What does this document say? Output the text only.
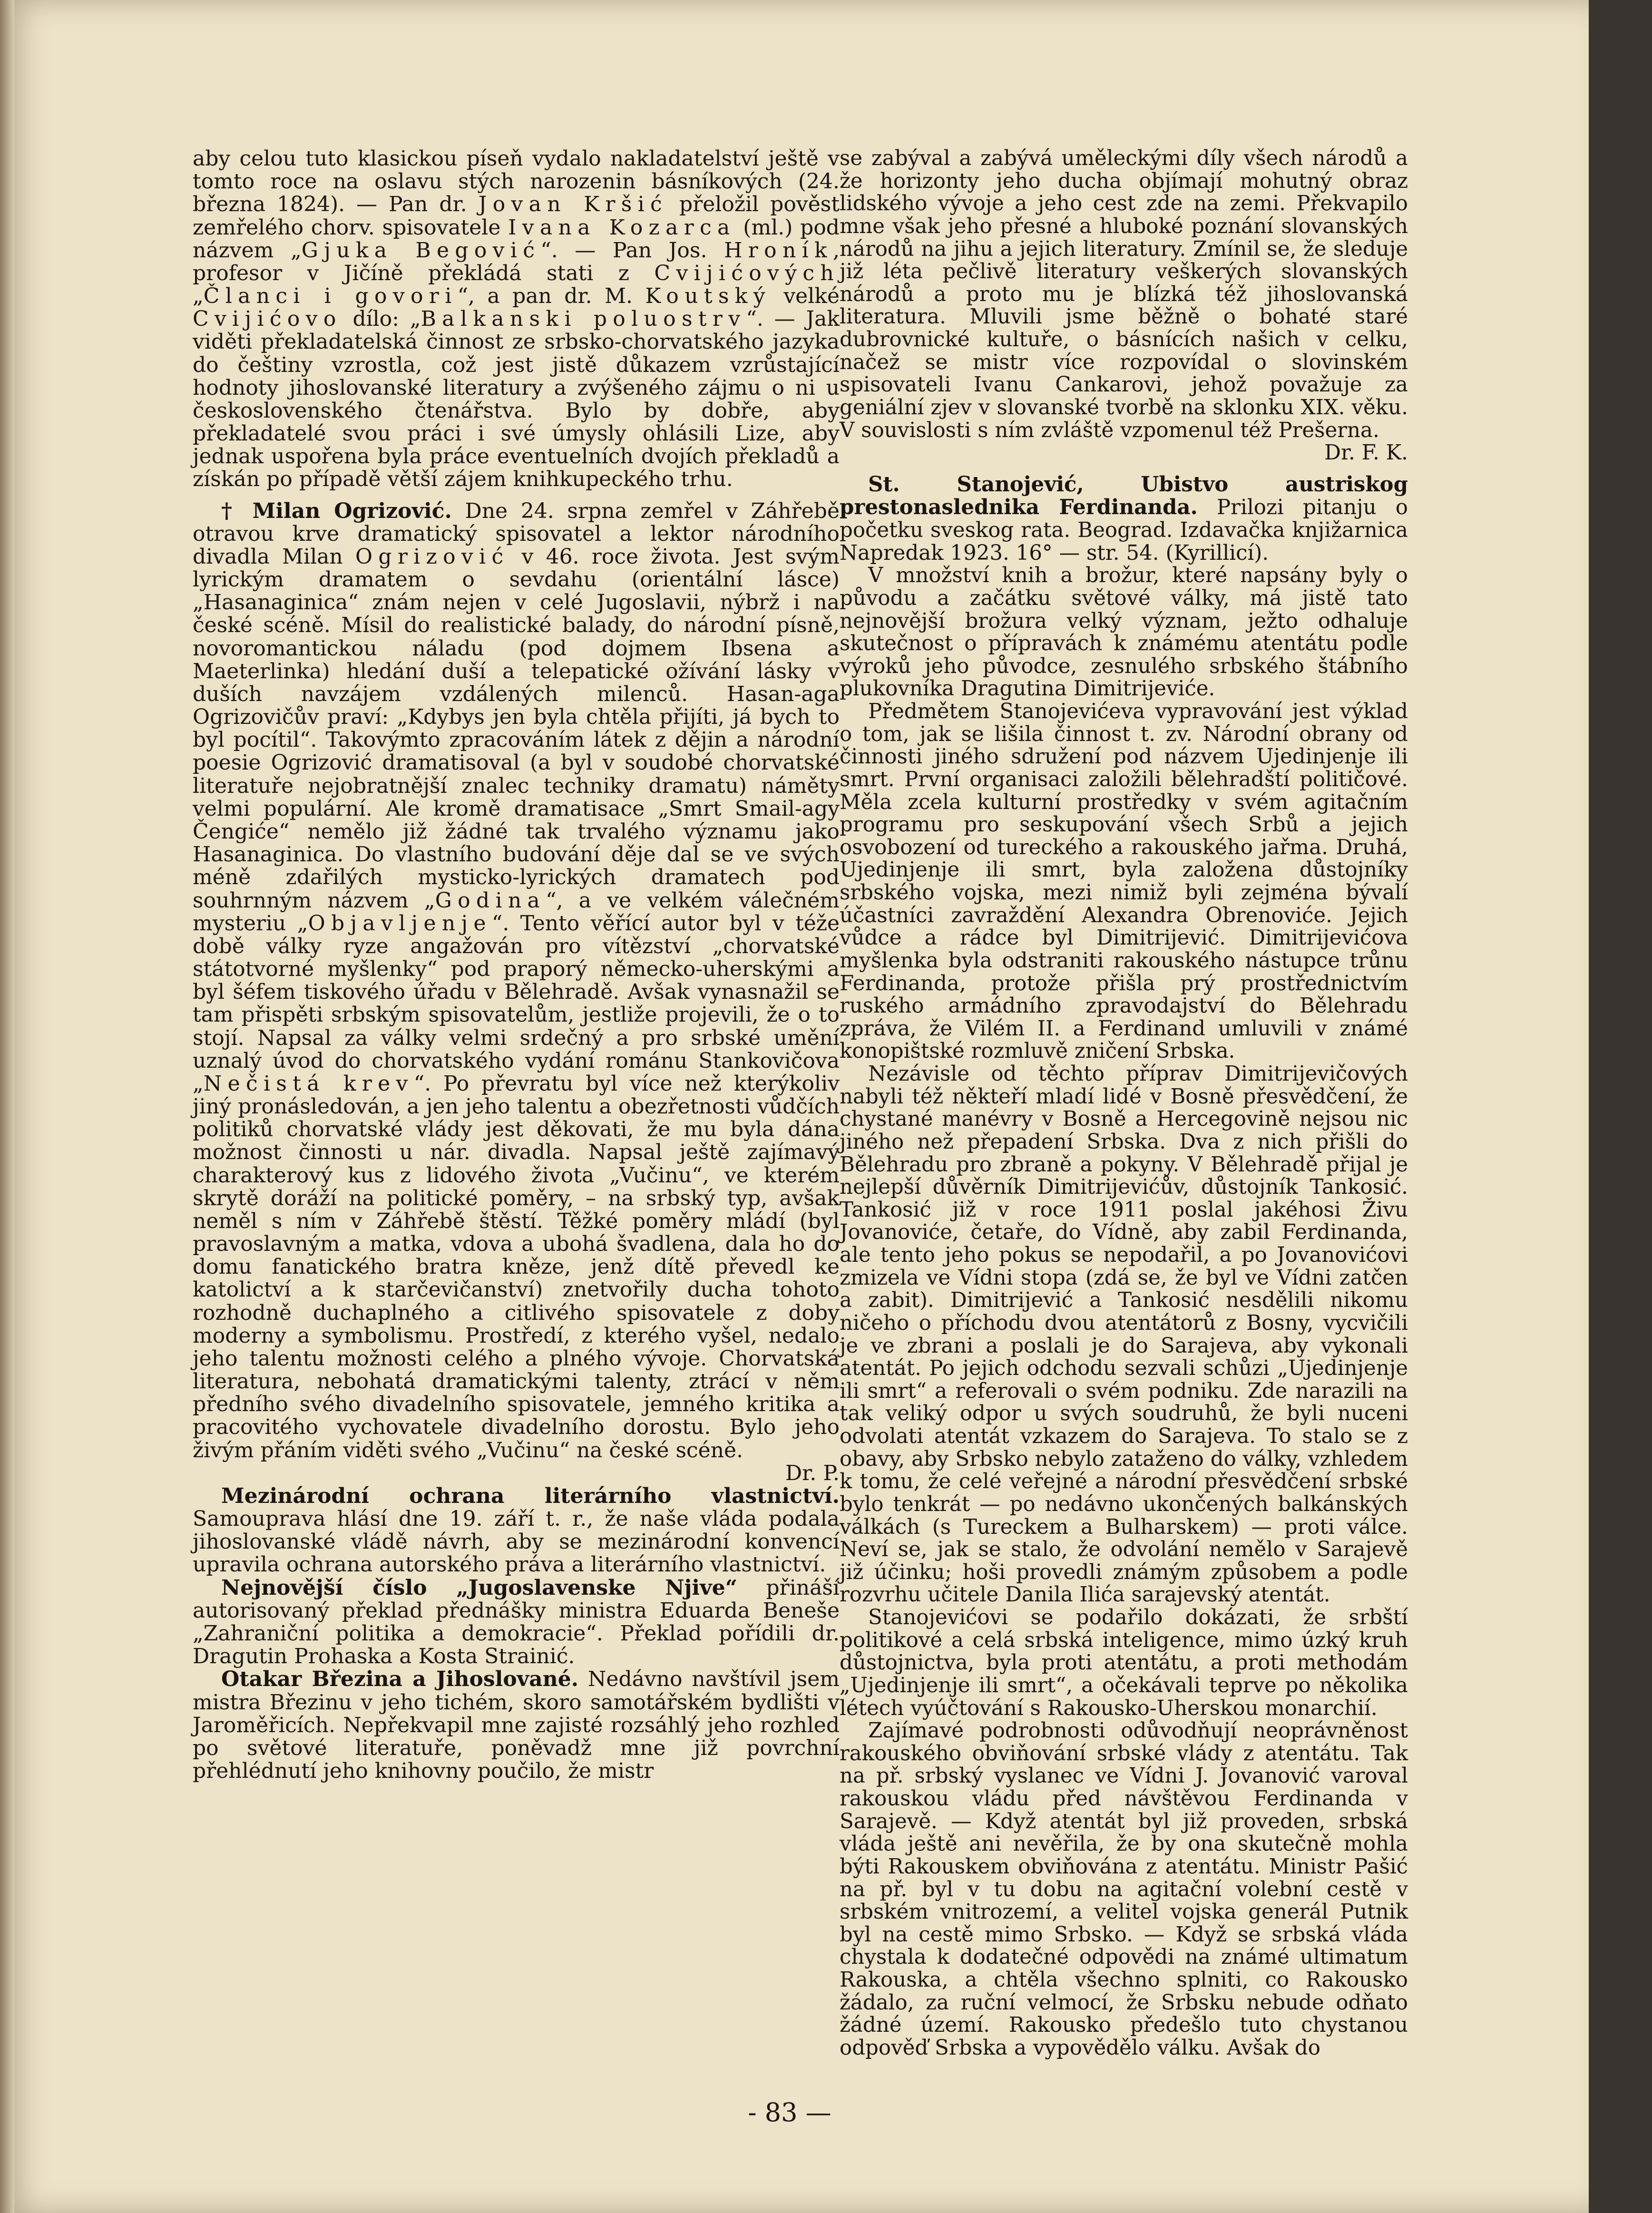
aby celou tuto klasickou píseň vydalo nakladatelství ještě v tomto roce na oslavu stých narozenin básníkových (24. března 1824). — Pan dr. Jovan Kršić přeložil pověst zemřelého chorv. spisovatele Ivana Kozarca (ml.) pod názvem „Gjuka Begović“. — Pan Jos. Hroník, profesor v Jičíně překládá stati z Cvijićových „Članci i govori“, a pan dr. M. Koutský velké Cvijićovo dílo: „Balkanski poluostrv“. — Jak viděti překladatelská činnost ze srbsko-chorvatského jazyka do češtiny vzrostla, což jest jistě důkazem vzrůstající hodnoty jihoslovanské literatury a zvýšeného zájmu o ni u československého čtenářstva. Bylo by dobře, aby překladatelé svou práci i své úmysly ohlásili Lize, aby jednak uspořena byla práce eventuelních dvojích překladů a získán po případě větší zájem knihkupeckého trhu.

† Milan Ogrizović. Dne 24. srpna zemřel v Záhřebě otravou krve dramatický spisovatel a lektor národního divadla Milan Ogrizović v 46. roce života. Jest svým lyrickým dramatem o sevdahu (orientální lásce) „Hasanaginica“ znám nejen v celé Jugoslavii, nýbrž i na české scéně. Mísil do realistické balady, do národní písně, novoromantickou náladu (pod dojmem Ibsena a Maeterlinka) hledání duší a telepatické ožívání lásky v duších navzájem vzdálených milenců. Hasan-aga Ogrizovičův praví: „Kdybys jen byla chtěla přijíti, já bych to byl pocítil“. Takovýmto zpracováním látek z dějin a národní poesie Ogrizović dramatisoval (a byl v soudobé chorvatské literatuře nejobratnější znalec techniky dramatu) náměty velmi populární. Ale kromě dramatisace „Smrt Smail-agy Čengiće“ nemělo již žádné tak trvalého významu jako Hasanaginica. Do vlastního budování děje dal se ve svých méně zdařilých mysticko-lyrických dramatech pod souhrnným názvem „Godina“, a ve velkém válečném mysteriu „Objavljenje“. Tento věřící autor byl v téže době války ryze angažován pro vítězství „chorvatské státotvorné myšlenky“ pod praporý německo-uherskými a byl šéfem tiskového úřadu v Bělehradě. Avšak vynasnažil se tam přispěti srbským spisovatelům, jestliže projevili, že o to stojí. Napsal za války velmi srdečný a pro srbské umění uznalý úvod do chorvatského vydání románu Stankovičova „Nečistá krev“. Po převratu byl více než kterýkoliv jiný pronásledován, a jen jeho talentu a obezřetnosti vůdčích politiků chorvatské vlády jest děkovati, že mu byla dána možnost činnosti u nár. divadla. Napsal ještě zajímavý charakterový kus z lidového života „Vučinu“, ve kterém skrytě doráží na politické poměry, – na srbský typ, avšak neměl s ním v Záhřebě štěstí. Těžké poměry mládí (byl pravoslavným a matka, vdova a ubohá švadlena, dala ho do domu fanatického bratra kněze, jenž dítě převedl ke katolictví a k starčevičanství) znetvořily ducha tohoto rozhodně duchaplného a citlivého spisovatele z doby moderny a symbolismu. Prostředí, z kterého vyšel, nedalo jeho talentu možnosti celého a plného vývoje. Chorvatská literatura, nebohatá dramatickými talenty, ztrácí v něm předního svého divadelního spisovatele, jemného kritika a pracovitého vychovatele divadelního dorostu. Bylo jeho živým přáním viděti svého „Vučinu“ na české scéně.

Dr. P.

Mezinárodní ochrana literárního vlastnictví. Samouprava hlásí dne 19. září t. r., že naše vláda podala jihoslovanské vládě návrh, aby se mezinárodní konvencí upravila ochrana autorského práva a literárního vlastnictví.

Nejnovější číslo „Jugoslavenske Njive“ přináší autorisovaný překlad přednášky ministra Eduarda Beneše „Zahraniční politika a demokracie“. Překlad pořídili dr. Dragutin Prohaska a Kosta Strainić.

Otakar Březina a Jihoslované. Nedávno navštívil jsem mistra Březinu v jeho tichém, skoro samotářském bydlišti v Jaroměřicích. Nepřekvapil mne zajisté rozsáhlý jeho rozhled po světové literatuře, poněvadž mne již povrchní přehlédnutí jeho knihovny poučilo, že mistr

se zabýval a zabývá uměleckými díly všech národů a že horizonty jeho ducha objímají mohutný obraz lidského vývoje a jeho cest zde na zemi. Překvapilo mne však jeho přesné a hluboké poznání slovanských národů na jihu a jejich literatury. Zmínil se, že sleduje již léta pečlivě literatury veškerých slovanských národů a proto mu je blízká též jihoslovanská literatura. Mluvili jsme běžně o bohaté staré dubrovnické kultuře, o básnících našich v celku, načež se mistr více rozpovídal o slovinském spisovateli Ivanu Cankarovi, jehož považuje za geniální zjev v slovanské tvorbě na sklonku XIX. věku. V souvislosti s ním zvláště vzpomenul též Prešerna.

Dr. F. K.

St. Stanojević, Ubistvo austriskog prestonaslednika Ferdinanda. Prilozi pitanju o početku sveskog rata. Beograd. Izdavačka knjižarnica Napredak 1923. 16° — str. 54. (Kyrillicí).

V množství knih a brožur, které napsány byly o původu a začátku světové války, má jistě tato nejnovější brožura velký význam, ježto odhaluje skutečnost o přípravách k známému atentátu podle výroků jeho původce, zesnulého srbského štábního plukovníka Dragutina Dimitrijeviće.

Předmětem Stanojevićeva vypravování jest výklad o tom, jak se lišila činnost t. zv. Národní obrany od činnosti jiného sdružení pod názvem Ujedinjenje ili smrt. První organisaci založili bělehradští političové. Měla zcela kulturní prostředky v svém agitačním programu pro seskupování všech Srbů a jejich osvobození od tureckého a rakouského jařma. Druhá, Ujedinjenje ili smrt, byla založena důstojníky srbského vojska, mezi nimiž byli zejména bývalí účastníci zavraždění Alexandra Obrenoviće. Jejich vůdce a rádce byl Dimitrijević. Dimitrijevićova myšlenka byla odstraniti rakouského nástupce trůnu Ferdinanda, protože přišla prý prostřednictvím ruského armádního zpravodajství do Bělehradu zpráva, že Vilém II. a Ferdinand umluvili v známé konopištské rozmluvě zničení Srbska.

Nezávisle od těchto příprav Dimitrijevičových nabyli též někteří mladí lidé v Bosně přesvědčení, že chystané manévry v Bosně a Hercegovině nejsou nic jiného než přepadení Srbska. Dva z nich přišli do Bělehradu pro zbraně a pokyny. V Bělehradě přijal je nejlepší důvěrník Dimitrijevićův, důstojník Tankosić. Tankosić již v roce 1911 poslal jakéhosi Živu Jovanoviće, četaře, do Vídně, aby zabil Ferdinanda, ale tento jeho pokus se nepodařil, a po Jovanovićovi zmizela ve Vídni stopa (zdá se, že byl ve Vídni zatčen a zabit). Dimitrijević a Tankosić nesdělili nikomu ničeho o příchodu dvou atentátorů z Bosny, vycvičili je ve zbrani a poslali je do Sarajeva, aby vykonali atentát. Po jejich odchodu sezvali schůzi „Ujedinjenje ili smrt“ a referovali o svém podniku. Zde narazili na tak veliký odpor u svých soudruhů, že byli nuceni odvolati atentát vzkazem do Sarajeva. To stalo se z obavy, aby Srbsko nebylo zataženo do války, vzhledem k tomu, že celé veřejné a národní přesvědčení srbské bylo tenkrát — po nedávno ukončených balkánských válkách (s Tureckem a Bulharskem) — proti válce. Neví se, jak se stalo, že odvolání nemělo v Sarajevě již účinku; hoši provedli známým způsobem a podle rozvrhu učitele Danila Ilića sarajevský atentát.

Stanojevićovi se podařilo dokázati, že srbští politikové a celá srbská inteligence, mimo úzký kruh důstojnictva, byla proti atentátu, a proti methodám „Ujedinjenje ili smrt“, a očekávali teprve po několika létech vyúčtování s Rakousko-Uherskou monarchií.

Zajímavé podrobnosti odůvodňují neoprávněnost rakouského obviňování srbské vlády z atentátu. Tak na př. srbský vyslanec ve Vídni J. Jovanović varoval rakouskou vládu před návštěvou Ferdinanda v Sarajevě. — Když atentát byl již proveden, srbská vláda ještě ani nevěřila, že by ona skutečně mohla býti Rakouskem obviňována z atentátu. Ministr Pašić na př. byl v tu dobu na agitační volební cestě v srbském vnitrozemí, a velitel vojska generál Putnik byl na cestě mimo Srbsko. — Když se srbská vláda chystala k dodatečné odpovědi na známé ultimatum Rakouska, a chtěla všechno splniti, co Rakousko žádalo, za ruční velmocí, že Srbsku nebude odňato žádné území. Rakousko předešlo tuto chystanou odpověď Srbska a vypovědělo válku. Avšak do

- 83 —
